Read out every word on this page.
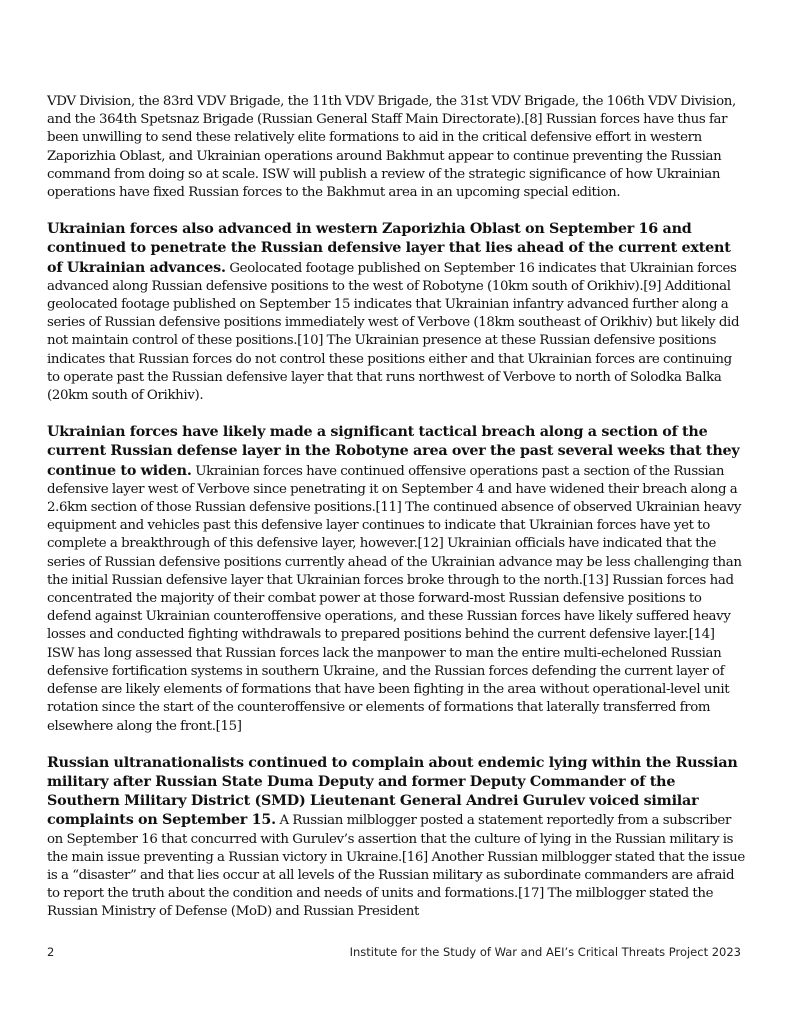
VDV Division, the 83rd VDV Brigade, the 11th VDV Brigade, the 31st VDV Brigade, the 106th VDV Division, and the 364th Spetsnaz Brigade (Russian General Staff Main Directorate).[8] Russian forces have thus far been unwilling to send these relatively elite formations to aid in the critical defensive effort in western Zaporizhia Oblast, and Ukrainian operations around Bakhmut appear to continue preventing the Russian command from doing so at scale. ISW will publish a review of the strategic significance of how Ukrainian operations have fixed Russian forces to the Bakhmut area in an upcoming special edition.

Ukrainian forces also advanced in western Zaporizhia Oblast on September 16 and continued to penetrate the Russian defensive layer that lies ahead of the current extent of Ukrainian advances. Geolocated footage published on September 16 indicates that Ukrainian forces advanced along Russian defensive positions to the west of Robotyne (10km south of Orikhiv).[9] Additional geolocated footage published on September 15 indicates that Ukrainian infantry advanced further along a series of Russian defensive positions immediately west of Verbove (18km southeast of Orikhiv) but likely did not maintain control of these positions.[10] The Ukrainian presence at these Russian defensive positions indicates that Russian forces do not control these positions either and that Ukrainian forces are continuing to operate past the Russian defensive layer that that runs northwest of Verbove to north of Solodka Balka (20km south of Orikhiv).

Ukrainian forces have likely made a significant tactical breach along a section of the current Russian defense layer in the Robotyne area over the past several weeks that they continue to widen. Ukrainian forces have continued offensive operations past a section of the Russian defensive layer west of Verbove since penetrating it on September 4 and have widened their breach along a 2.6km section of those Russian defensive positions.[11] The continued absence of observed Ukrainian heavy equipment and vehicles past this defensive layer continues to indicate that Ukrainian forces have yet to complete a breakthrough of this defensive layer, however.[12] Ukrainian officials have indicated that the series of Russian defensive positions currently ahead of the Ukrainian advance may be less challenging than the initial Russian defensive layer that Ukrainian forces broke through to the north.[13] Russian forces had concentrated the majority of their combat power at those forward-most Russian defensive positions to defend against Ukrainian counteroffensive operations, and these Russian forces have likely suffered heavy losses and conducted fighting withdrawals to prepared positions behind the current defensive layer.[14] ISW has long assessed that Russian forces lack the manpower to man the entire multi-echeloned Russian defensive fortification systems in southern Ukraine, and the Russian forces defending the current layer of defense are likely elements of formations that have been fighting in the area without operational-level unit rotation since the start of the counteroffensive or elements of formations that laterally transferred from elsewhere along the front.[15]

Russian ultranationalists continued to complain about endemic lying within the Russian military after Russian State Duma Deputy and former Deputy Commander of the Southern Military District (SMD) Lieutenant General Andrei Gurulev voiced similar complaints on September 15. A Russian milblogger posted a statement reportedly from a subscriber on September 16 that concurred with Gurulev’s assertion that the culture of lying in the Russian military is the main issue preventing a Russian victory in Ukraine.[16] Another Russian milblogger stated that the issue is a “disaster” and that lies occur at all levels of the Russian military as subordinate commanders are afraid to report the truth about the condition and needs of units and formations.[17] The milblogger stated the Russian Ministry of Defense (MoD) and Russian President

2	Institute for the Study of War and AEI’s Critical Threats Project 2023
